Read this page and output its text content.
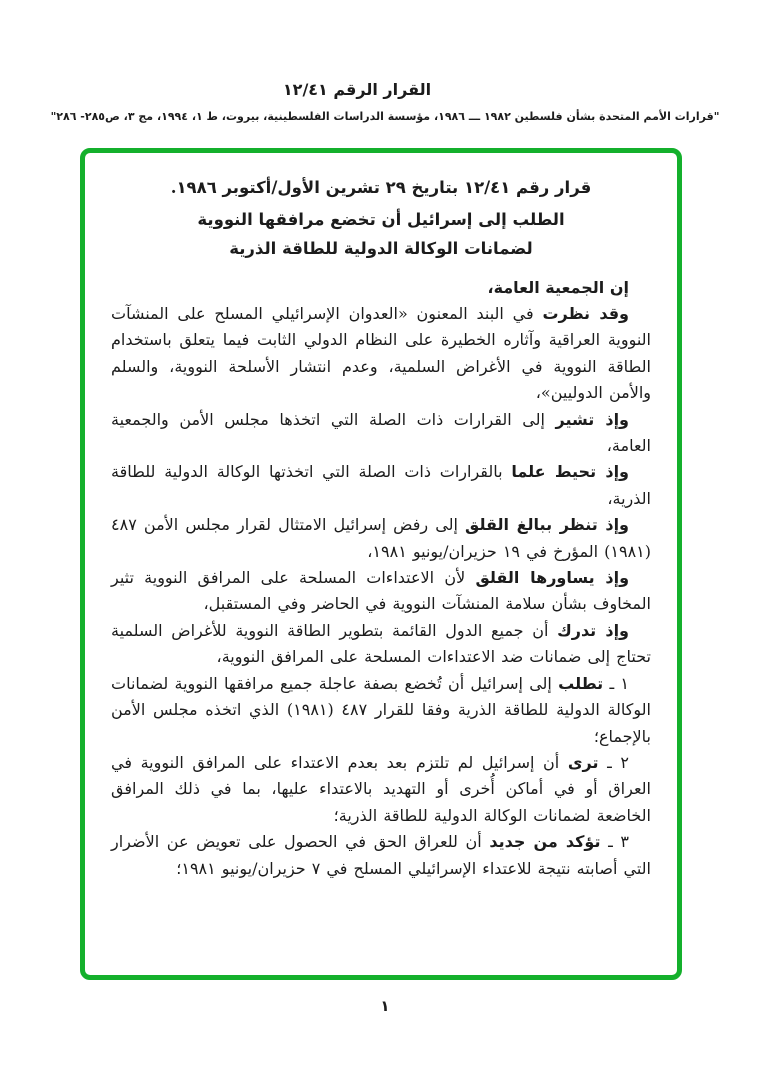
القرار الرقم ١٢/٤١
"قرارات الأمم المتحدة بشأن فلسطين ١٩٨٢ ـــ ١٩٨٦، مؤسسة الدراسات الفلسطينية، بيروت، ط ١، ١٩٩٤، مج ٣، ص٢٨٥- ٢٨٦"
قرار رقم ١٢/٤١ بتاريخ ٢٩ تشرين الأول/أكتوبر ١٩٨٦.
الطلب إلى إسرائيل أن تخضع مرافقها النووية
لضمانات الوكالة الدولية للطاقة الذرية

إن الجمعية العامة،

وقد نظرت في البند المعنون «العدوان الإسرائيلي المسلح على المنشآت النووية العراقية وآثاره الخطيرة على النظام الدولي الثابت فيما يتعلق باستخدام الطاقة النووية في الأغراض السلمية، وعدم انتشار الأسلحة النووية، والسلم والأمن الدوليين»،

وإذ تشير إلى القرارات ذات الصلة التي اتخذها مجلس الأمن والجمعية العامة،

وإذ تحيط علما بالقرارات ذات الصلة التي اتخذتها الوكالة الدولية للطاقة الذرية،

وإذ تنظر ببالغ القلق إلى رفض إسرائيل الامتثال لقرار مجلس الأمن ٤٨٧ (١٩٨١) المؤرخ في ١٩ حزيران/يونيو ١٩٨١،

وإذ يساورها القلق لأن الاعتداءات المسلحة على المرافق النووية تثير المخاوف بشأن سلامة المنشآت النووية في الحاضر وفي المستقبل،

وإذ تدرك أن جميع الدول القائمة بتطوير الطاقة النووية للأغراض السلمية تحتاج إلى ضمانات ضد الاعتداءات المسلحة على المرافق النووية،

١ ـ تطلب إلى إسرائيل أن تُخضع بصفة عاجلة جميع مرافقها النووية لضمانات الوكالة الدولية للطاقة الذرية وفقا للقرار ٤٨٧ (١٩٨١) الذي اتخذه مجلس الأمن بالإجماع؛

٢ ـ ترى أن إسرائيل لم تلتزم بعد بعدم الاعتداء على المرافق النووية في العراق أو في أماكن أُخرى أو التهديد بالاعتداء عليها، بما في ذلك المرافق الخاضعة لضمانات الوكالة الدولية للطاقة الذرية؛

٣ ـ تؤكد من جديد أن للعراق الحق في الحصول على تعويض عن الأضرار التي أصابته نتيجة للاعتداء الإسرائيلي المسلح في ٧ حزيران/يونيو ١٩٨١؛

١
